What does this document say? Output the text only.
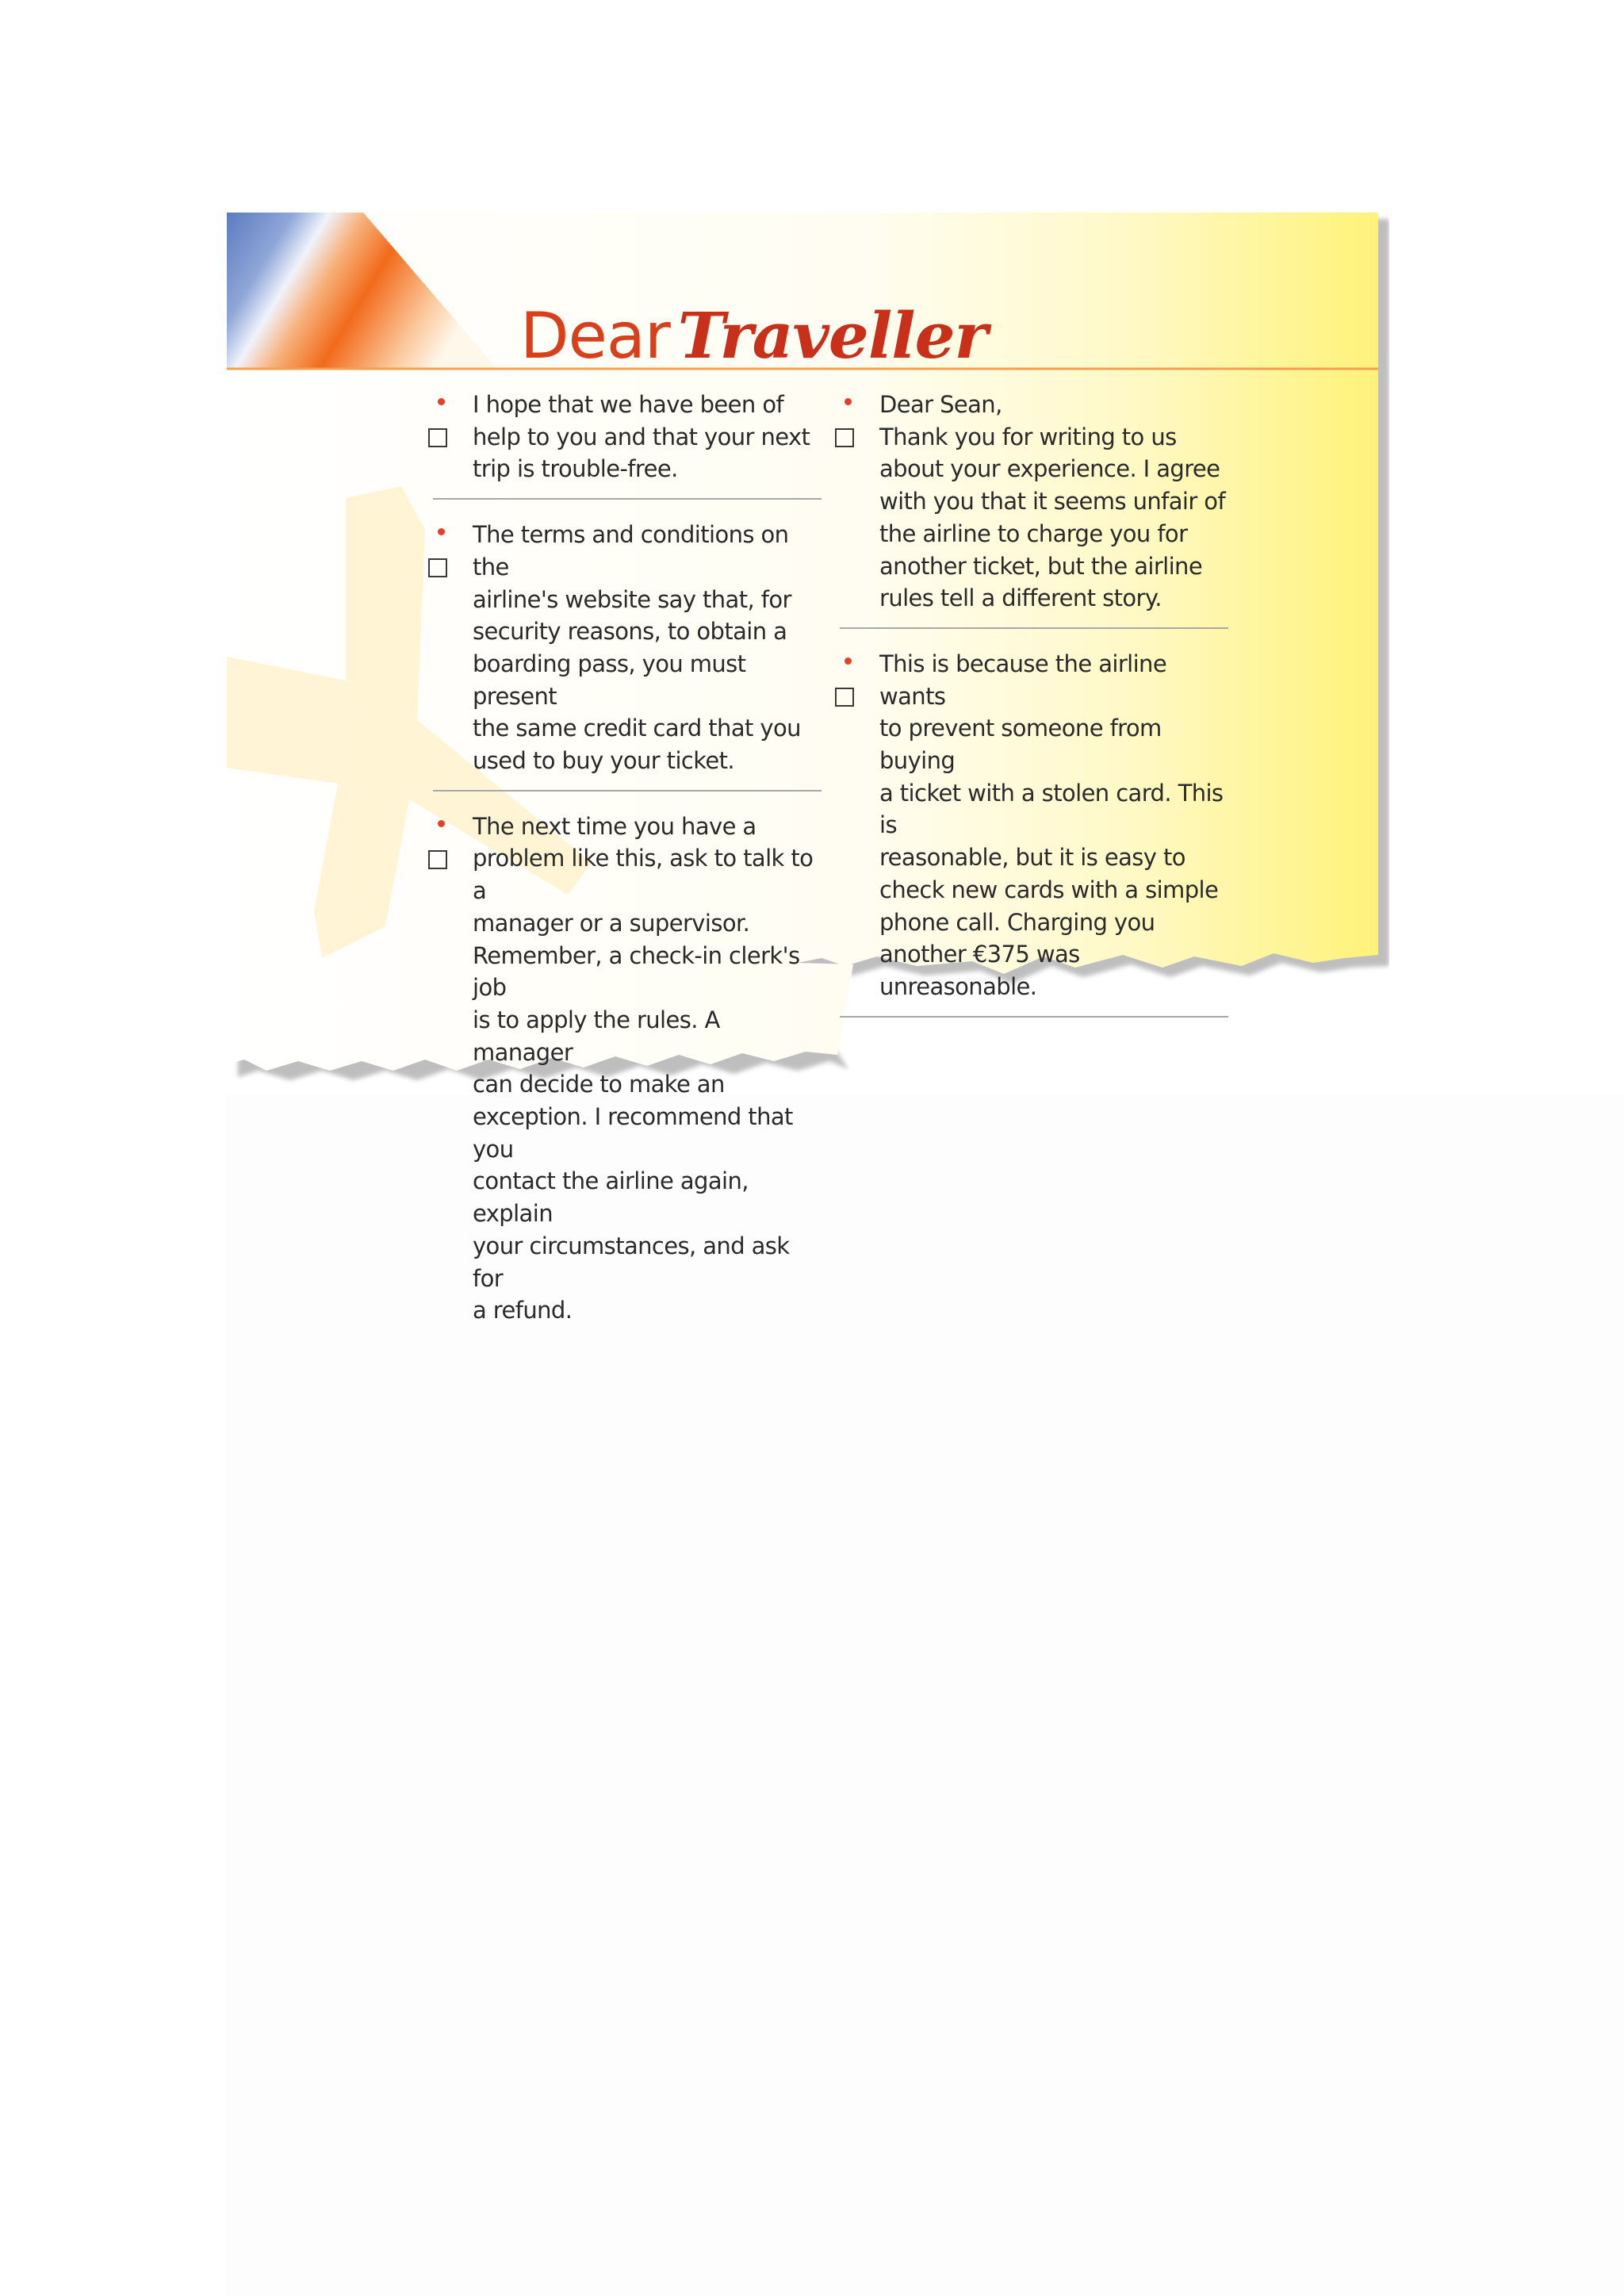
Dear Traveller
I hope that we have been of
help to you and that your next
trip is trouble-free.
The terms and conditions on the
airline's website say that, for
security reasons, to obtain a
boarding pass, you must present
the same credit card that you
used to buy your ticket.
The next time you have a
problem like this, ask to talk to a
manager or a supervisor.
Remember, a check-in clerk's job
is to apply the rules. A manager
can decide to make an
exception. I recommend that you
contact the airline again, explain
your circumstances, and ask for
a refund.
Dear Sean,
Thank you for writing to us
about your experience. I agree
with you that it seems unfair of
the airline to charge you for
another ticket, but the airline
rules tell a different story.
This is because the airline wants
to prevent someone from buying
a ticket with a stolen card. This is
reasonable, but it is easy to
check new cards with a simple
phone call. Charging you
another €375 was
unreasonable.
